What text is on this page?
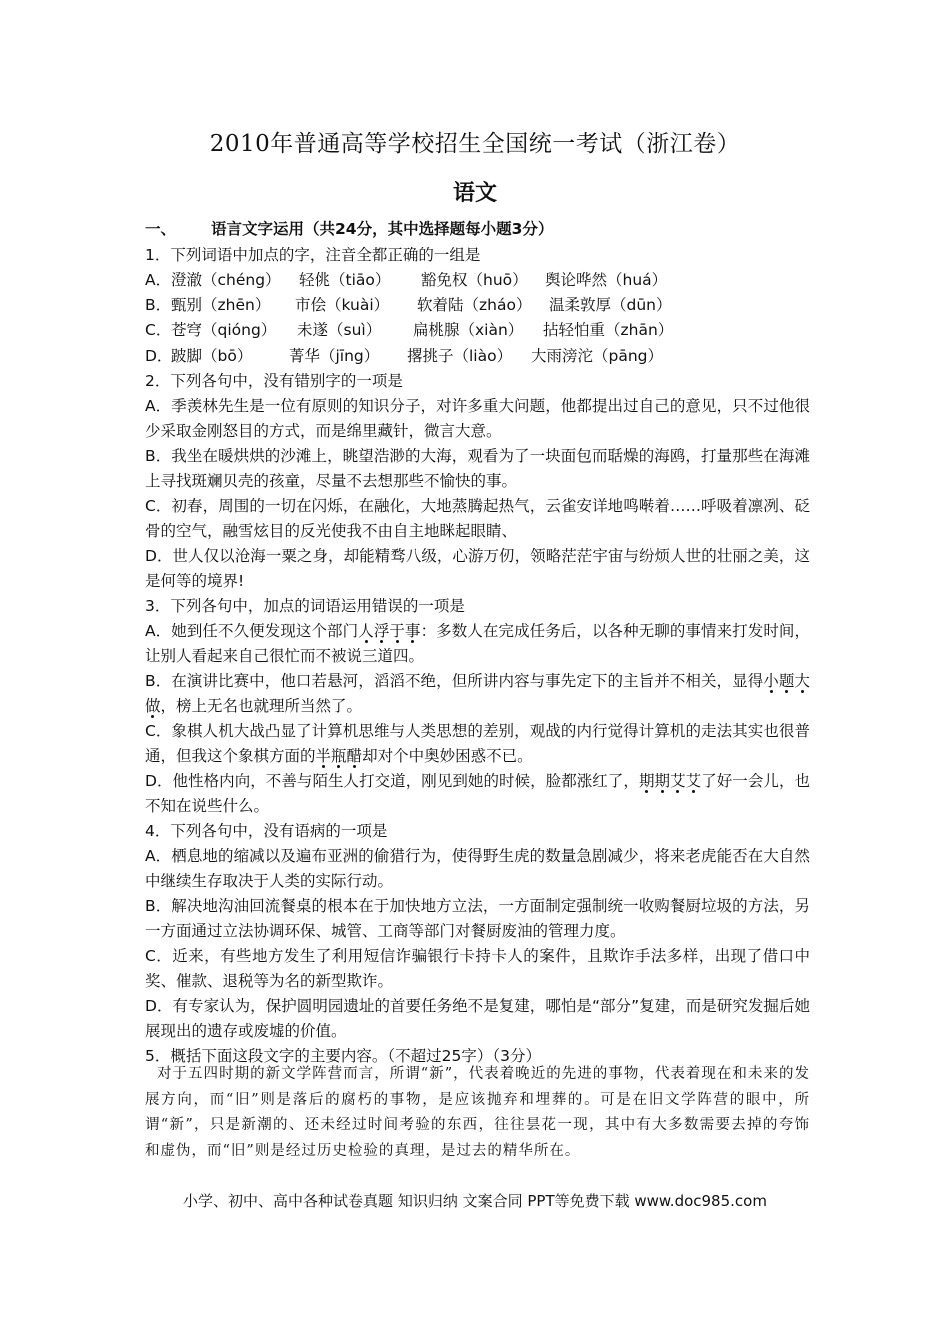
2010年普通高等学校招生全国统一考试（浙江卷）
语文
一、 语言文字运用（共24分，其中选择题每小题3分）
1．下列词语中加点的字，注音全都正确的一组是
A．澄澈（chéng） 轻佻（tiāo） 豁免权（huō） 舆论哗然（huá）
B．甄别（zhēn） 市侩（kuài） 软着陆（zháo） 温柔敦厚（dūn）
C．苍穹（qióng） 未遂（suì） 扁桃腺（xiàn） 拈轻怕重（zhān）
D．跛脚（bō） 菁华（jīng） 撂挑子（liào） 大雨滂沱（pāng）
2．下列各句中，没有错别字的一项是
A．季羡林先生是一位有原则的知识分子，对许多重大问题，他都提出过自己的意见，只不过他很少采取金刚怒目的方式，而是绵里藏针，微言大意。
B．我坐在暖烘烘的沙滩上，眺望浩渺的大海，观看为了一块面包而聒燥的海鸥，打量那些在海滩上寻找斑斓贝壳的孩童，尽量不去想那些不愉快的事。
C．初春，周围的一切在闪烁，在融化，大地蒸腾起热气，云雀安详地鸣啭着……呼吸着凛冽、砭骨的空气，融雪炫目的反光使我不由自主地眯起眼睛、
D．世人仅以沧海一粟之身，却能精骛八级，心游万仞，领略茫茫宇宙与纷烦人世的壮丽之美，这是何等的境界!
3．下列各句中，加点的词语运用错误的一项是
A．她到任不久便发现这个部门人浮于事：多数人在完成任务后，以各种无聊的事情来打发时间，让别人看起来自己很忙而不被说三道四。
B．在演讲比赛中，他口若悬河，滔滔不绝，但所讲内容与事先定下的主旨并不相关，显得小题大做，榜上无名也就理所当然了。
C．象棋人机大战凸显了计算机思维与人类思想的差别，观战的内行觉得计算机的走法其实也很普通，但我这个象棋方面的半瓶醋却对个中奥妙困惑不已。
D．他性格内向，不善与陌生人打交道，刚见到她的时候，脸都涨红了，期期艾艾了好一会儿，也不知在说些什么。
4．下列各句中，没有语病的一项是
A．栖息地的缩减以及遍布亚洲的偷猎行为，使得野生虎的数量急剧减少，将来老虎能否在大自然中继续生存取决于人类的实际行动。
B．解决地沟油回流餐桌的根本在于加快地方立法，一方面制定强制统一收购餐厨垃圾的方法，另一方面通过立法协调环保、城管、工商等部门对餐厨废油的管理力度。
C．近来，有些地方发生了利用短信诈骗银行卡持卡人的案件，且欺诈手法多样，出现了借口中奖、催款、退税等为名的新型欺诈。
D．有专家认为，保护圆明园遗址的首要任务绝不是复建，哪怕是“部分”复建，而是研究发掘后她展现出的遗存或废墟的价值。
5．概括下面这段文字的主要内容。（不超过25字）（3分）
对于五四时期的新文学阵营而言，所谓“新”，代表着晚近的先进的事物，代表着现在和未来的发展方向，而“旧”则是落后的腐朽的事物，是应该抛弃和埋葬的。可是在旧文学阵营的眼中，所谓“新”，只是新潮的、还未经过时间考验的东西，往往昙花一现，其中有大多数需要去掉的夸饰和虚伪，而“旧”则是经过历史检验的真理，是过去的精华所在。
小学、初中、高中各种试卷真题 知识归纳 文案合同 PPT等免费下载 www.doc985.com
